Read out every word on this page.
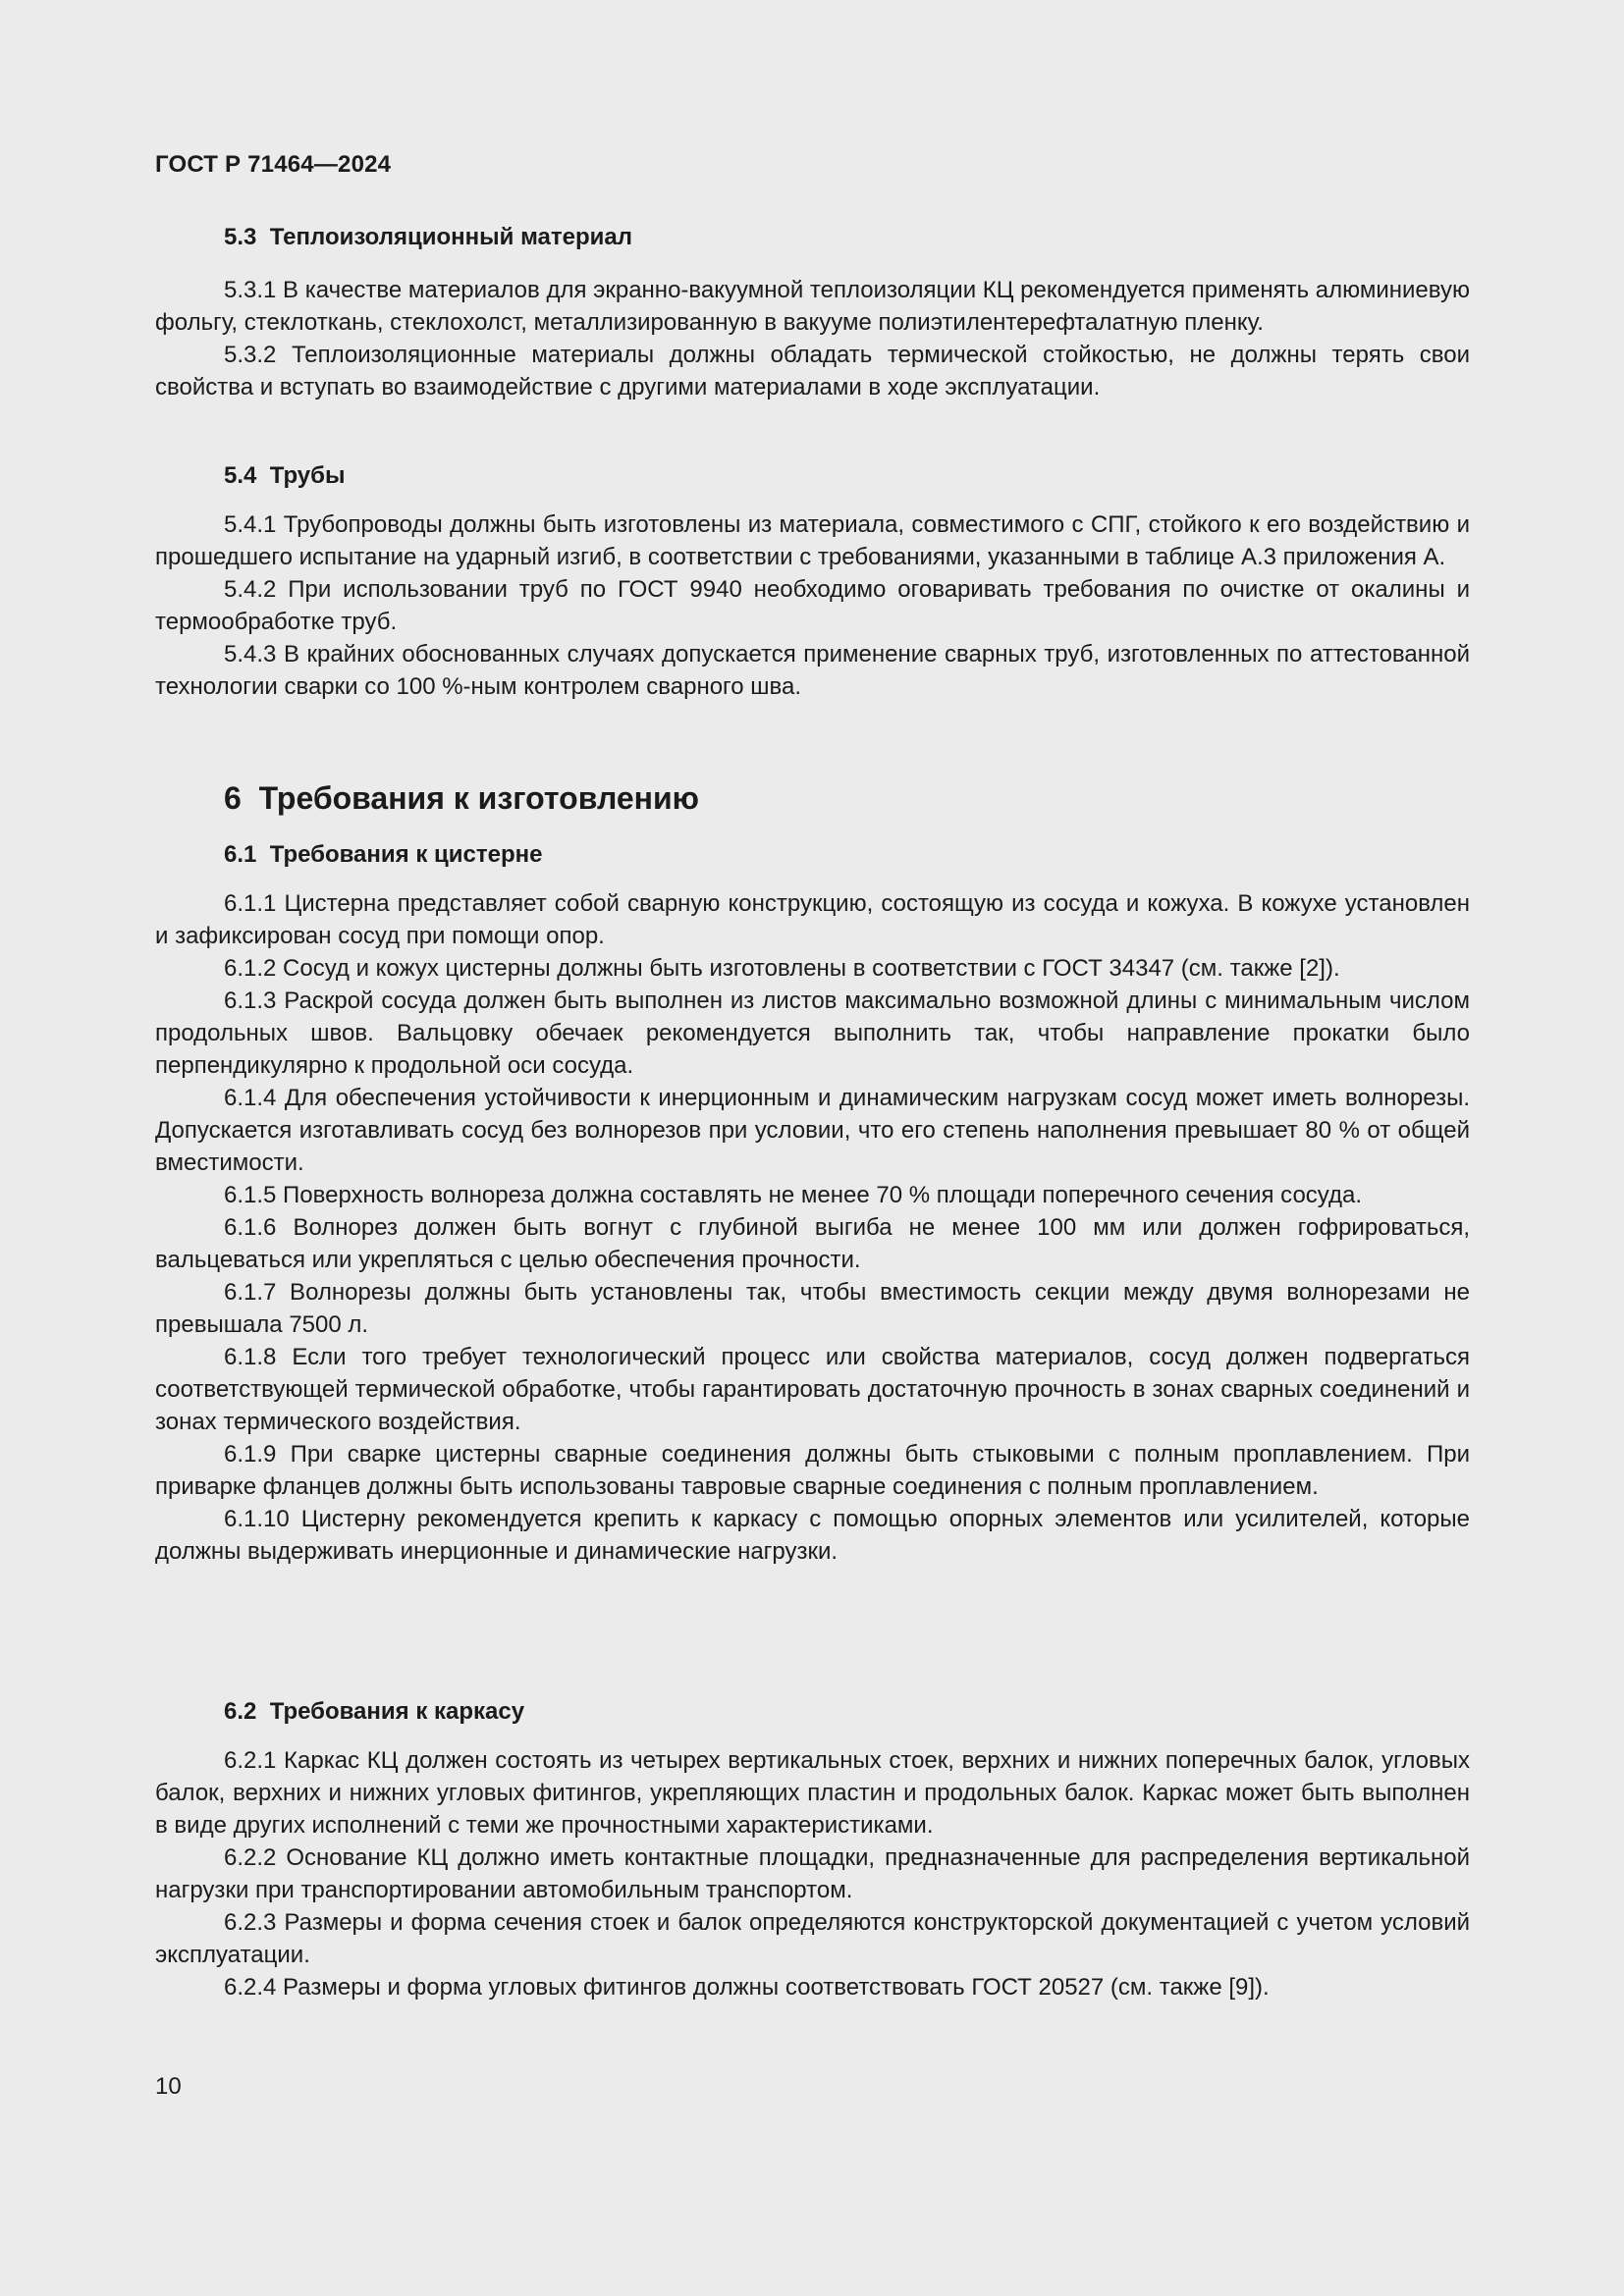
ГОСТ Р 71464—2024
5.3  Теплоизоляционный материал

5.3.1 В качестве материалов для экранно-вакуумной теплоизоляции КЦ рекомендуется применять алюминиевую фольгу, стеклоткань, стеклохолст, металлизированную в вакууме полиэтилентерефталатную пленку.

5.3.2 Теплоизоляционные материалы должны обладать термической стойкостью, не должны терять свои свойства и вступать во взаимодействие с другими материалами в ходе эксплуатации.

5.4  Трубы

5.4.1 Трубопроводы должны быть изготовлены из материала, совместимого с СПГ, стойкого к его воздействию и прошедшего испытание на ударный изгиб, в соответствии с требованиями, указанными в таблице А.3 приложения А.

5.4.2 При использовании труб по ГОСТ 9940 необходимо оговаривать требования по очистке от окалины и термообработке труб.

5.4.3 В крайних обоснованных случаях допускается применение сварных труб, изготовленных по аттестованной технологии сварки со 100 %-ным контролем сварного шва.

6  Требования к изготовлению
6.1  Требования к цистерне

6.1.1 Цистерна представляет собой сварную конструкцию, состоящую из сосуда и кожуха. В кожухе установлен и зафиксирован сосуд при помощи опор.

6.1.2 Сосуд и кожух цистерны должны быть изготовлены в соответствии с ГОСТ 34347 (см. также [2]).

6.1.3 Раскрой сосуда должен быть выполнен из листов максимально возможной длины с минимальным числом продольных швов. Вальцовку обечаек рекомендуется выполнить так, чтобы направление прокатки было перпендикулярно к продольной оси сосуда.

6.1.4 Для обеспечения устойчивости к инерционным и динамическим нагрузкам сосуд может иметь волнорезы. Допускается изготавливать сосуд без волнорезов при условии, что его степень наполнения превышает 80 % от общей вместимости.

6.1.5 Поверхность волнореза должна составлять не менее 70 % площади поперечного сечения сосуда.

6.1.6 Волнорез должен быть вогнут с глубиной выгиба не менее 100 мм или должен гофрироватьcя, вальцеваться или укрепляться с целью обеспечения прочности.

6.1.7 Волнорезы должны быть установлены так, чтобы вместимость секции между двумя волнорезами не превышала 7500 л.

6.1.8 Если того требует технологический процесс или свойства материалов, сосуд должен подвергаться соответствующей термической обработке, чтобы гарантировать достаточную прочность в зонах сварных соединений и зонах термического воздействия.

6.1.9 При сварке цистерны сварные соединения должны быть стыковыми с полным проплавлением. При приварке фланцев должны быть использованы тавровые сварные соединения с полным проплавлением.

6.1.10 Цистерну рекомендуется крепить к каркасу с помощью опорных элементов или усилителей, которые должны выдерживать инерционные и динамические нагрузки.

6.2  Требования к каркасу

6.2.1 Каркас КЦ должен состоять из четырех вертикальных стоек, верхних и нижних поперечных балок, угловых балок, верхних и нижних угловых фитингов, укрепляющих пластин и продольных балок. Каркас может быть выполнен в виде других исполнений с теми же прочностными характеристиками.

6.2.2 Основание КЦ должно иметь контактные площадки, предназначенные для распределения вертикальной нагрузки при транспортировании автомобильным транспортом.

6.2.3 Размеры и форма сечения стоек и балок определяются конструкторской документацией с учетом условий эксплуатации.

6.2.4 Размеры и форма угловых фитингов должны соответствовать ГОСТ 20527 (см. также [9]).

10
